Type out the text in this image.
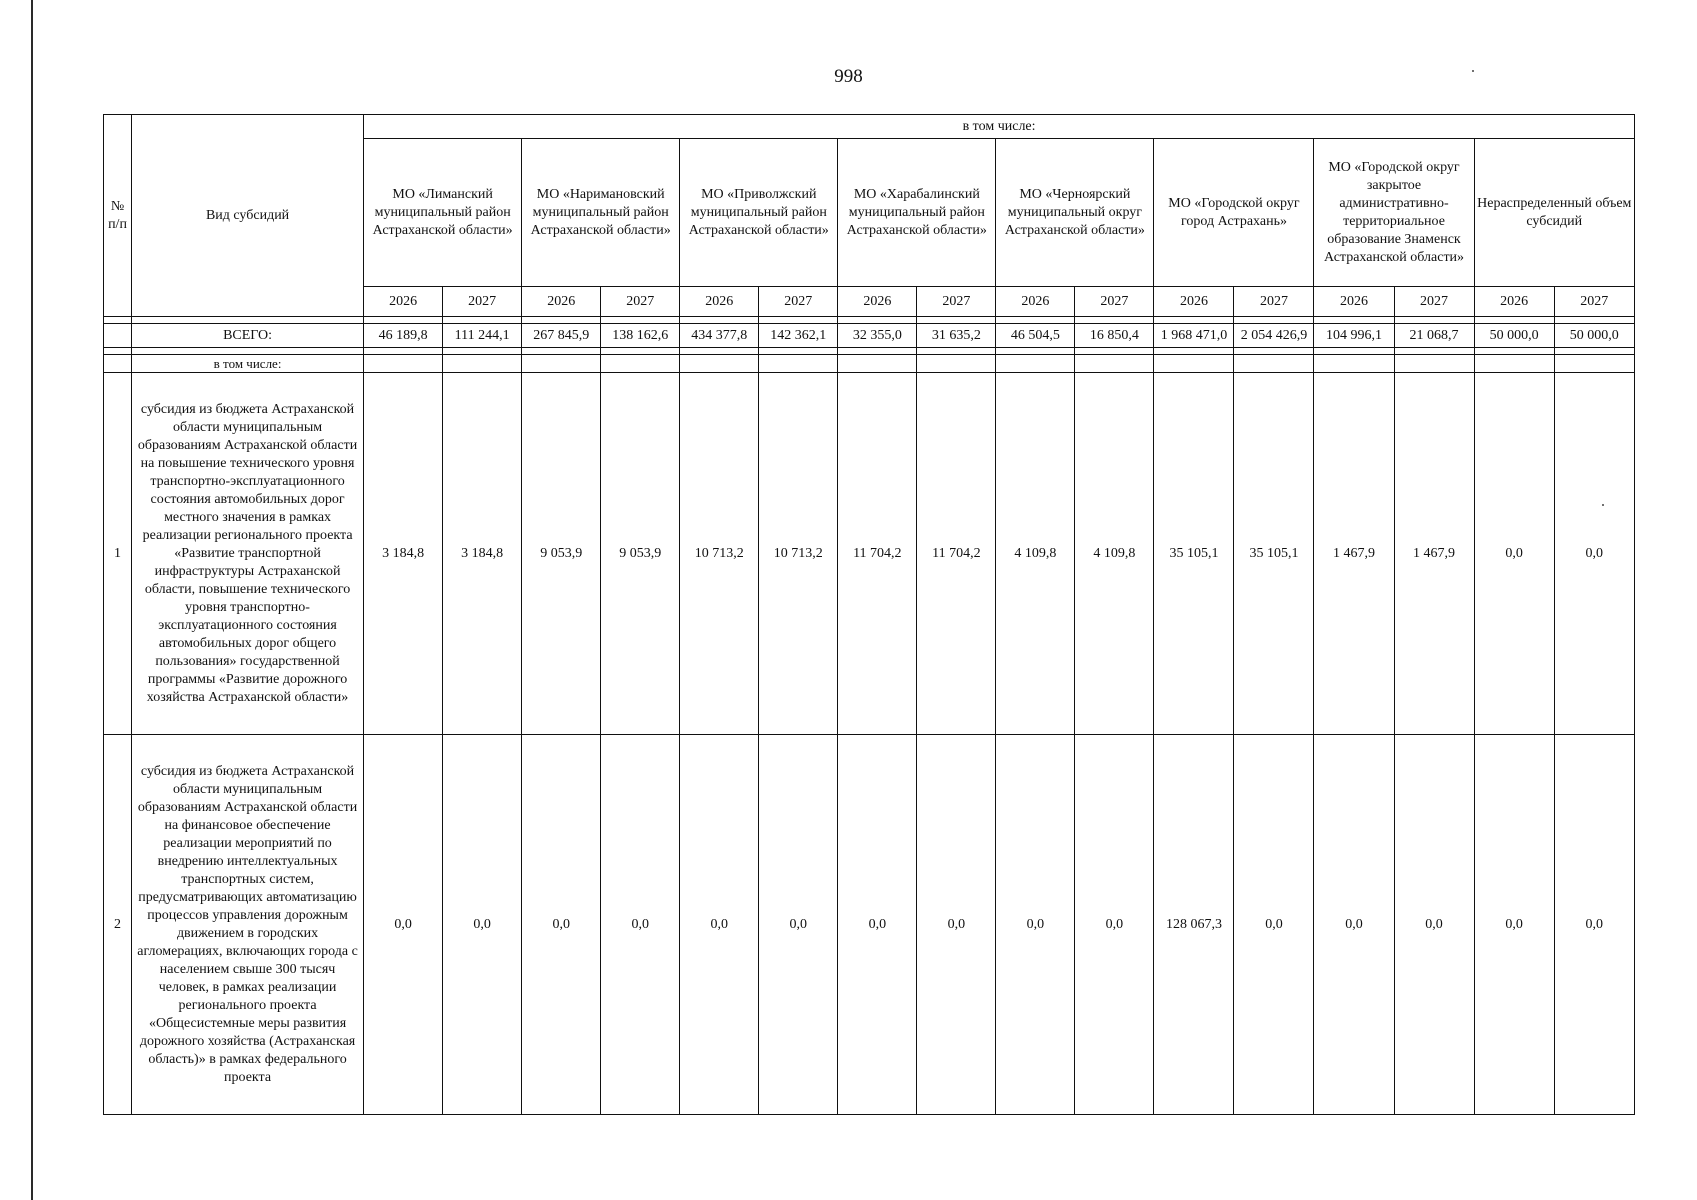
998
№ п/п	Вид субсидий	в том числе:															
		МО «Лиманский муниципальный район Астраханской области»		МО «Наримановский муниципальный район Астраханской области»		МО «Приволжский муниципальный район Астраханской области»		МО «Харабалинский муниципальный район Астраханской области»		МО «Черноярский муниципальный округ Астраханской области»		МО «Городской округ город Астрахань»		МО «Городской округ закрытое административно-территориальное образование Знаменск Астраханской области»		Нераспределенный объем субсидий	
		2026	2027	2026	2027	2026	2027	2026	2027	2026	2027	2026	2027	2026	2027	2026	2027

	ВСЕГО:	46 189,8	111 244,1	267 845,9	138 162,6	434 377,8	142 362,1	32 355,0	31 635,2	46 504,5	16 850,4	1 968 471,0	2 054 426,9	104 996,1	21 068,7	50 000,0	50 000,0

	в том числе:																
1	субсидия из бюджета Астраханской области муниципальным образованиям Астраханской области на повышение технического уровня транспортно-эксплуатационного состояния автомобильных дорог местного значения в рамках реализации регионального проекта «Развитие транспортной инфраструктуры Астраханской области, повышение технического уровня транспортно-эксплуатационного состояния автомобильных дорог общего пользования» государственной программы «Развитие дорожного хозяйства Астраханской области»	3 184,8	3 184,8	9 053,9	9 053,9	10 713,2	10 713,2	11 704,2	11 704,2	4 109,8	4 109,8	35 105,1	35 105,1	1 467,9	1 467,9	0,0	0,0
2	субсидия из бюджета Астраханской области муниципальным образованиям Астраханской области на финансовое обеспечение реализации мероприятий по внедрению интеллектуальных транспортных систем, предусматривающих автоматизацию процессов управления дорожным движением в городских агломерациях, включающих города с населением свыше 300 тысяч человек, в рамках реализации регионального проекта «Общесистемные меры развития дорожного хозяйства (Астраханская область)» в рамках федерального проекта	0,0	0,0	0,0	0,0	0,0	0,0	0,0	0,0	0,0	0,0	128 067,3	0,0	0,0	0,0	0,0	0,0
